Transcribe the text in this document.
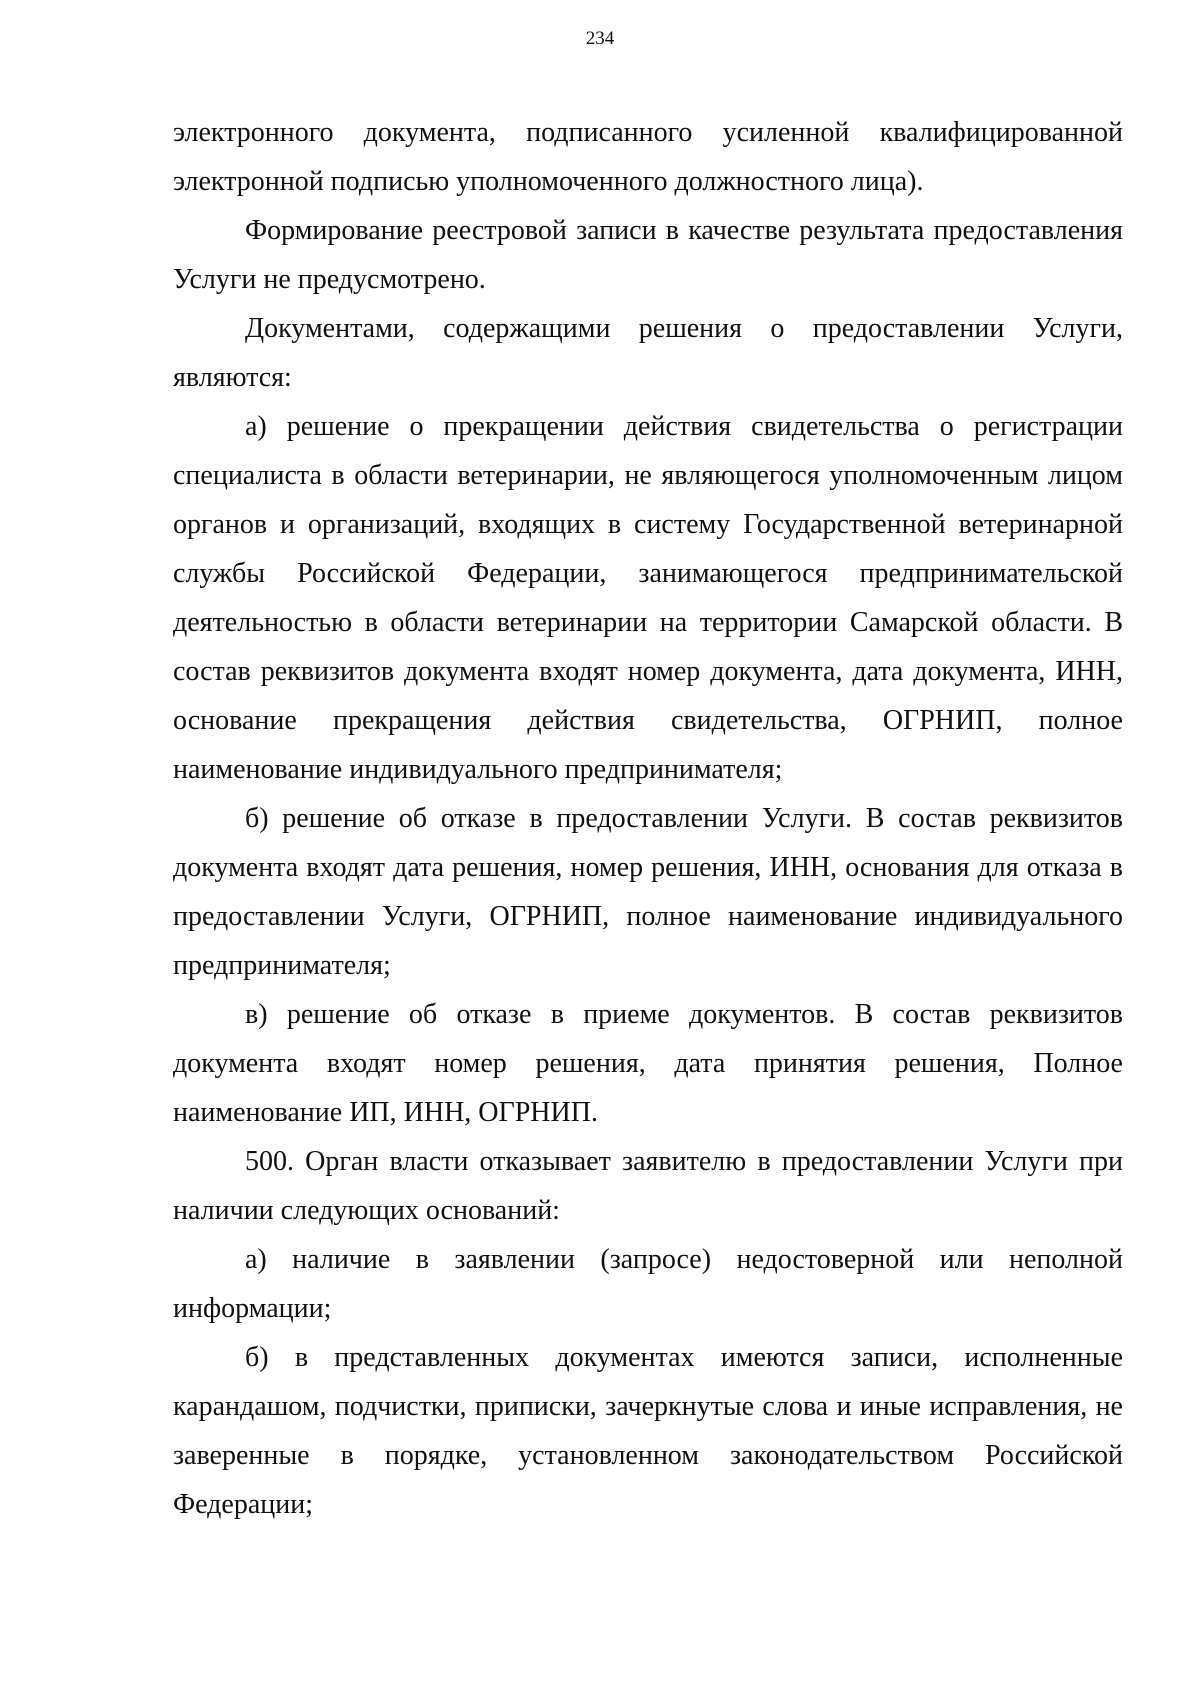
234

электронного документа, подписанного усиленной квалифицированной электронной подписью уполномоченного должностного лица).

Формирование реестровой записи в качестве результата предоставления Услуги не предусмотрено.

Документами, содержащими решения о предоставлении Услуги, являются:

а) решение о прекращении действия свидетельства о регистрации специалиста в области ветеринарии, не являющегося уполномоченным лицом органов и организаций, входящих в систему Государственной ветеринарной службы Российской Федерации, занимающегося предпринимательской деятельностью в области ветеринарии на территории Самарской области. В состав реквизитов документа входят номер документа, дата документа, ИНН, основание прекращения действия свидетельства, ОГРНИП, полное наименование индивидуального предпринимателя;

б) решение об отказе в предоставлении Услуги. В состав реквизитов документа входят дата решения, номер решения, ИНН, основания для отказа в предоставлении Услуги, ОГРНИП, полное наименование индивидуального предпринимателя;

в) решение об отказе в приеме документов. В состав реквизитов документа входят номер решения, дата принятия решения, Полное наименование ИП, ИНН, ОГРНИП.

500. Орган власти отказывает заявителю в предоставлении Услуги при наличии следующих оснований:

а) наличие в заявлении (запросе) недостоверной или неполной информации;

б) в представленных документах имеются записи, исполненные карандашом, подчистки, приписки, зачеркнутые слова и иные исправления, не заверенные в порядке, установленном законодательством Российской Федерации;
